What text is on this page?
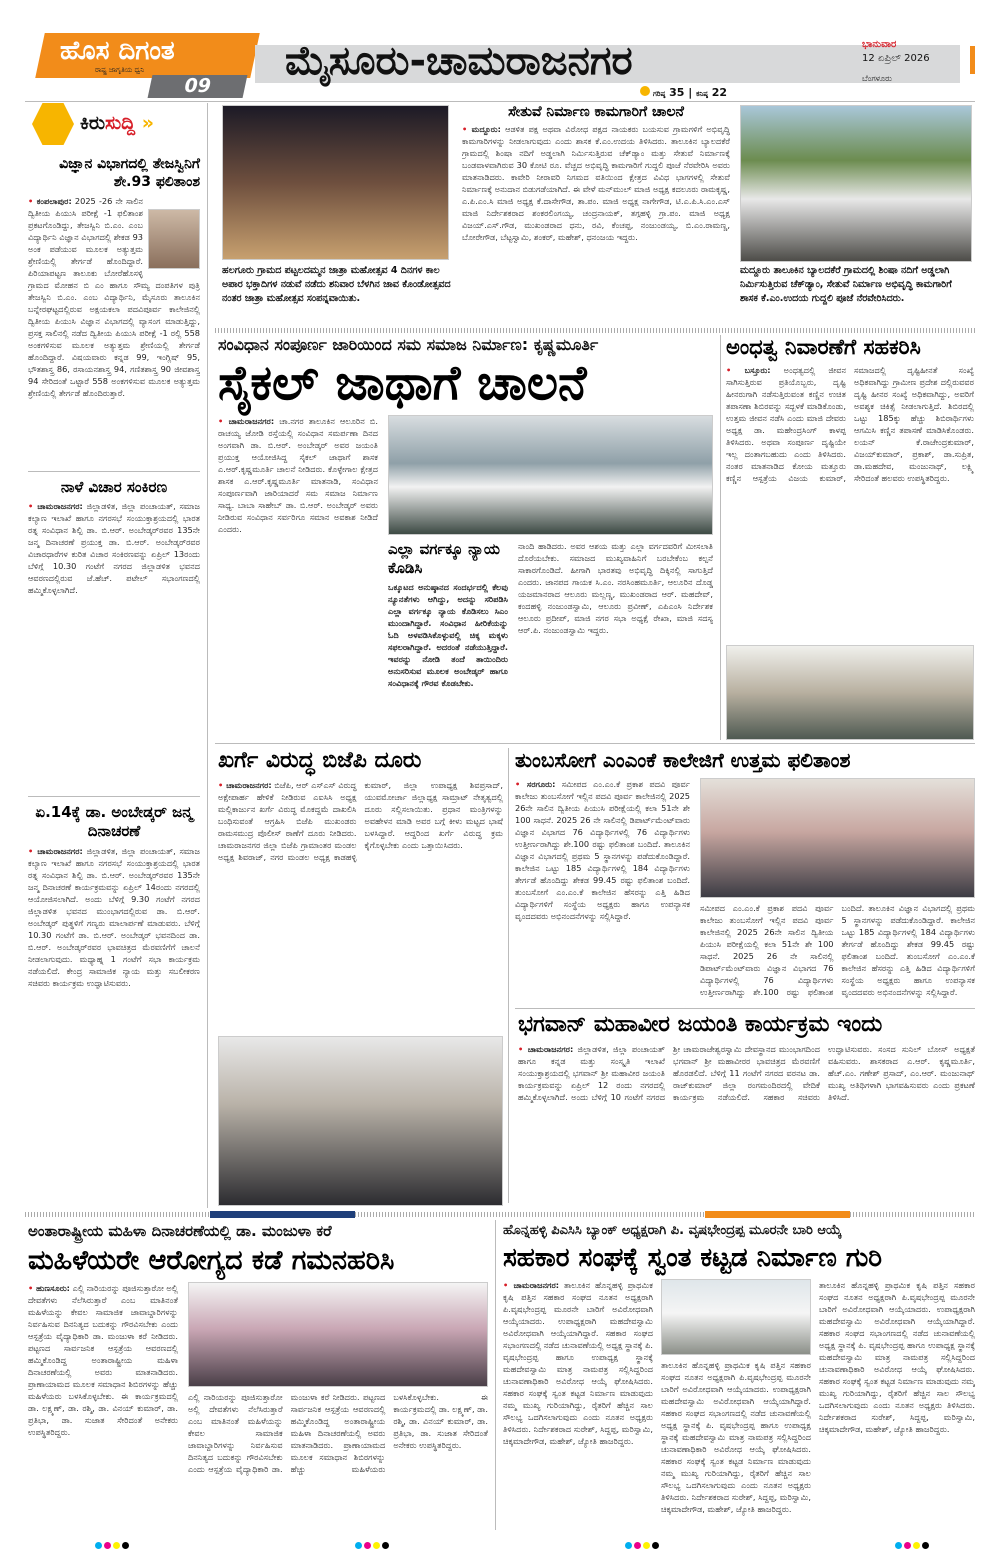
ಹೊಸ ದಿಗಂತ
ರಾಷ್ಟ್ರ ಜಾಗೃತಿಯ ಧ್ವನಿ
09
ಮೈಸೂರು-ಚಾಮರಾಜನಗರ
ಗರಿಷ್ಠ 35 | ಕನಿಷ್ಠ 22
ಭಾನುವಾರ
12 ಏಪ್ರಿಲ್ 2026
ಬೆಂಗಳೂರು
ಕಿರುಸುದ್ದಿ »
ವಿಜ್ಞಾನ ವಿಭಾಗದಲ್ಲಿ ತೇಜಸ್ವಿನಿಗೆ ಶೇ.93 ಫಲಿತಾಂಶ
• ಕಂಪಲಾಪುರ: 2025 -26 ನೇ ಸಾಲಿನ ದ್ವಿತೀಯ ಪಿಯುಸಿ ಪರೀಕ್ಷೆ -1 ಫಲಿತಾಂಶ ಪ್ರಕಟಗೊಂಡಿದ್ದು, ತೇಜಸ್ವಿನಿ ಬಿ.ಎಂ. ಎಂಬ ವಿದ್ಯಾರ್ಥಿನಿ ವಿಜ್ಞಾನ ವಿಭಾಗದಲ್ಲಿ ಶೇಕಡ 93 ಅಂಕ ಪಡೆಯುವ ಮೂಲಕ ಅತ್ಯುತ್ತಮ ಶ್ರೇಣಿಯಲ್ಲಿ ತೇರ್ಗಡೆ ಹೊಂದಿದ್ದಾರೆ. ಪಿರಿಯಾಪಟ್ಟಣ ತಾಲೂಕು ಬೋರೆಹೊಸಳ್ಳಿ ಗ್ರಾಮದ ಮೋಹನ ಬಿ ಎಂ ಹಾಗೂ ಸೌಮ್ಯ ದಂಪತಿಗಳ ಪುತ್ರಿ ತೇಜಸ್ವಿನಿ ಬಿ.ಎಂ. ಎಂಬ ವಿದ್ಯಾರ್ಥಿನಿ, ಮೈಸೂರು ತಾಲೂಕಿನ ಬನ್ನೇರಘಟ್ಟದಲ್ಲಿರುವ ಅಕ್ಷಯಕಲಾ ಪದವಿಪೂರ್ವ ಕಾಲೇಜಿನಲ್ಲಿ ದ್ವಿತೀಯ ಪಿಯುಸಿ ವಿಜ್ಞಾನ ವಿಭಾಗದಲ್ಲಿ ವ್ಯಾಸಂಗ ಮಾಡುತ್ತಿದ್ದು, ಪ್ರಸಕ್ತ ಸಾಲಿನಲ್ಲಿ ನಡೆದ ದ್ವಿತೀಯ ಪಿಯುಸಿ ಪರೀಕ್ಷೆ -1 ರಲ್ಲಿ 558 ಅಂಕಗಳಿಸುವ ಮೂಲಕ ಅತ್ಯುತ್ತಮ ಶ್ರೇಣಿಯಲ್ಲಿ ತೇರ್ಗಡೆ ಹೊಂದಿದ್ದಾರೆ. ವಿಷಯವಾರು ಕನ್ನಡ 99, ಇಂಗ್ಲಿಷ್ 95, ಭೌತಶಾಸ್ತ್ರ 86, ರಸಾಯನಶಾಸ್ತ್ರ 94, ಗಣಿತಶಾಸ್ತ್ರ 90 ಜೀವಶಾಸ್ತ್ರ 94 ಸೇರಿದಂತೆ ಒಟ್ಟಾರೆ 558 ಅಂಕಗಳಿಸುವ ಮೂಲಕ ಅತ್ಯುತ್ತಮ ಶ್ರೇಣಿಯಲ್ಲಿ ತೇರ್ಗಡೆ ಹೊಂದಿರುತ್ತಾರೆ.
ನಾಳೆ ವಿಚಾರ ಸಂಕಿರಣ
• ಚಾಮರಾಜನಗರ: ಜಿಲ್ಲಾಡಳಿತ, ಜಿಲ್ಲಾ ಪಂಚಾಯತ್, ಸಮಾಜ ಕಲ್ಯಾಣ ಇಲಾಖೆ ಹಾಗೂ ನಗರಸಭೆ ಸಂಯುಕ್ತಾಶ್ರಯದಲ್ಲಿ ಭಾರತ ರತ್ನ ಸಂವಿಧಾನ ಶಿಲ್ಪಿ ಡಾ. ಬಿ.ಆರ್. ಅಂಬೇಡ್ಕರ್‌ರವರ 135ನೇ ಜನ್ಮ ದಿನಾಚರಣೆ ಪ್ರಯುಕ್ತ ಡಾ. ಬಿ.ಆರ್. ಅಂಬೇಡ್ಕರ್‌ರವರ ವಿಚಾರಧಾರೆಗಳ ಕುರಿತ ವಿಚಾರ ಸಂಕಿರಣವನ್ನು ಏಪ್ರಿಲ್ 13ರಂದು ಬೆಳಿಗ್ಗೆ 10.30 ಗಂಟೆಗೆ ನಗರದ ಜಿಲ್ಲಾಡಳಿತ ಭವನದ ಆವರಣದಲ್ಲಿರುವ ಜೆ.ಹೆಚ್. ಪಟೇಲ್ ಸಭಾಂಗಣದಲ್ಲಿ ಹಮ್ಮಿಕೊಳ್ಳಲಾಗಿದೆ.
ಏ.14ಕ್ಕೆ ಡಾ. ಅಂಬೇಡ್ಕರ್ ಜನ್ಮ ದಿನಾಚರಣೆ
• ಚಾಮರಾಜನಗರ: ಜಿಲ್ಲಾಡಳಿತ, ಜಿಲ್ಲಾ ಪಂಚಾಯತ್, ಸಮಾಜ ಕಲ್ಯಾಣ ಇಲಾಖೆ ಹಾಗೂ ನಗರಸಭೆ ಸಂಯುಕ್ತಾಶ್ರಯದಲ್ಲಿ ಭಾರತ ರತ್ನ ಸಂವಿಧಾನ ಶಿಲ್ಪಿ ಡಾ. ಬಿ.ಆರ್. ಅಂಬೇಡ್ಕರ್‌ರವರ 135ನೇ ಜನ್ಮ ದಿನಾಚರಣೆ ಕಾರ್ಯಕ್ರಮವನ್ನು ಏಪ್ರಿಲ್ 14ರಂದು ನಗರದಲ್ಲಿ ಆಯೋಜಿಸಲಾಗಿದೆ. ಅಂದು ಬೆಳಿಗ್ಗೆ 9.30 ಗಂಟೆಗೆ ನಗರದ ಜಿಲ್ಲಾಡಳಿತ ಭವನದ ಮುಂಭಾಗದಲ್ಲಿರುವ ಡಾ. ಬಿ.ಆರ್. ಅಂಬೇಡ್ಕರ್ ಪುತ್ಥಳಿಗೆ ಗಣ್ಯರು ಮಾಲಾರ್ಪಣೆ ಮಾಡುವರು. ಬೆಳಿಗ್ಗೆ 10.30 ಗಂಟೆಗೆ ಡಾ. ಬಿ.ಆರ್. ಅಂಬೇಡ್ಕರ್ ಭವನದಿಂದ ಡಾ. ಬಿ.ಆರ್. ಅಂಬೇಡ್ಕರ್‌ರವರ ಭಾವಚಿತ್ರದ ಮೆರವಣಿಗೆಗೆ ಚಾಲನೆ ನೀಡಲಾಗುವುದು. ಮಧ್ಯಾಹ್ನ 1 ಗಂಟೆಗೆ ಸಭಾ ಕಾರ್ಯಕ್ರಮ ನಡೆಯಲಿದೆ. ಕೇಂದ್ರ ಸಾಮಾಜಿಕ ನ್ಯಾಯ ಮತ್ತು ಸಬಲೀಕರಣ ಸಚಿವರು ಕಾರ್ಯಕ್ರಮ ಉದ್ಘಾಟಿಸುವರು.
ಹಲಗೂರು ಗ್ರಾಮದ ಪಟ್ಟಲದಮ್ಮನ ಜಾತ್ರಾ ಮಹೋತ್ಸವ 4 ದಿನಗಳ ಕಾಲ ಅಪಾರ ಭಕ್ತಾದಿಗಳ ನಡುವೆ ನಡೆದು ಶನಿವಾರ ಬೆಳಗಿನ ಜಾವ ಕೊಂಡೋತ್ಸವದ ನಂತರ ಜಾತ್ರಾ ಮಹೋತ್ಸವ ಸಂಪನ್ನವಾಯಿತು.
ಸೇತುವೆ ನಿರ್ಮಾಣ ಕಾಮಗಾರಿಗೆ ಚಾಲನೆ
• ಮದ್ದೂರು: ಆಡಳಿತ ಪಕ್ಷ ಅಥವಾ ವಿರೋಧ ಪಕ್ಷದ ನಾಯಕರು ಬಯಸುವ ಗ್ರಾಮಗಳಿಗೆ ಅಭಿವೃದ್ಧಿ ಕಾಮಗಾರಿಗಳನ್ನು ನೀಡಲಾಗುವುದು ಎಂದು ಶಾಸಕ ಕೆ.ಎಂ.ಉದಯ ತಿಳಿಸಿದರು. ತಾಲೂಕಿನ ಬ್ಯಾಲದಕೆರೆ ಗ್ರಾಮದಲ್ಲಿ ಶಿಂಷಾ ನದಿಗೆ ಅಡ್ಡಲಾಗಿ ನಿರ್ಮಿಸುತ್ತಿರುವ ಚೆಕ್‌ಡ್ಯಾಂ ಮತ್ತು ಸೇತುವೆ ನಿರ್ಮಾಣಕ್ಕೆ ಬಂಡವಾಳವಾಗಿರುವ 30 ಕೋಟಿ ರೂ. ವೆಚ್ಚದ ಅಭಿವೃದ್ಧಿ ಕಾಮಗಾರಿಗೆ ಗುದ್ದಲಿ ಪೂಜೆ ನೆರವೇರಿಸಿ ಅವರು ಮಾತನಾಡಿದರು. ಕಾವೇರಿ ನೀರಾವರಿ ನಿಗಮದ ವತಿಯಿಂದ ಕ್ಷೇತ್ರದ ವಿವಿಧ ಭಾಗಗಳಲ್ಲಿ ಸೇತುವೆ ನಿರ್ಮಾಣಕ್ಕೆ ಅನುದಾನ ಬಿಡುಗಡೆಯಾಗಿದೆ. ಈ ವೇಳೆ ಮನ್‌ಮುಲ್ ಮಾಜಿ ಅಧ್ಯಕ್ಷ ಕದಲೂರು ರಾಮಕೃಷ್ಣ, ಎ.ಪಿ.ಎಂ.ಸಿ ಮಾಜಿ ಅಧ್ಯಕ್ಷ ಕೆ.ದಾಸೇಗೌಡ, ತಾ.ಪಂ. ಮಾಜಿ ಅಧ್ಯಕ್ಷ ನಾಗೇಗೌಡ, ಟಿ.ಎ.ಪಿ.ಸಿ.ಎಂ.ಎಸ್ ಮಾಜಿ ನಿರ್ದೇಶಕರಾದ ಶಂಕರಲಿಂಗಯ್ಯ, ಚಂದ್ರನಾಯಕ್, ತಗ್ಗಹಳ್ಳಿ ಗ್ರಾ.ಪಂ. ಮಾಜಿ ಅಧ್ಯಕ್ಷ ವಿಜಯ್.ಎಸ್.ಗೌಡ, ಮುಖಂಡರಾದ ಧನು, ರವಿ, ಕೆಂಚಪ್ಪ, ನಂಜುಂಡಯ್ಯ, ಬಿ.ಎಂ.ರಾಮಣ್ಣ, ಬೋರೇಗೌಡ, ಬೆಟ್ಟಸ್ವಾಮಿ, ಶಂಕರ್, ಮಹೇಶ್, ಧನಂಜಯ ಇದ್ದರು.
ಮದ್ದೂರು ತಾಲೂಕಿನ ಬ್ಯಾಲದಕೆರೆ ಗ್ರಾಮದಲ್ಲಿ ಶಿಂಷಾ ನದಿಗೆ ಅಡ್ಡಲಾಗಿ ನಿರ್ಮಿಸುತ್ತಿರುವ ಚೆಕ್‌ಡ್ಯಾಂ, ಸೇತುವೆ ನಿರ್ಮಾಣ ಅಭಿವೃದ್ಧಿ ಕಾಮಗಾರಿಗೆ ಶಾಸಕ ಕೆ.ಎಂ.ಉದಯ ಗುದ್ದಲಿ ಪೂಜೆ ನೆರವೇರಿಸಿದರು.
ಸಂವಿಧಾನ ಸಂಪೂರ್ಣ ಜಾರಿಯಿಂದ ಸಮ ಸಮಾಜ ನಿರ್ಮಾಣ: ಕೃಷ್ಣಮೂರ್ತಿ
ಸೈಕಲ್ ಜಾಥಾಗೆ ಚಾಲನೆ
• ಚಾಮರಾಜನಗರ: ಚಾ.ನಗರ ತಾಲೂಕಿನ ಆಲೂರಿನ ಬಿ. ರಾಚಯ್ಯ ಜೋಡಿ ರಸ್ತೆಯಲ್ಲಿ ಸಂವಿಧಾನ ಸಮರ್ಪಣಾ ದಿನದ ಅಂಗವಾಗಿ ಡಾ. ಬಿ.ಆರ್. ಅಂಬೇಡ್ಕರ್ ಅವರ ಜಯಂತಿ ಪ್ರಯುಕ್ತ ಆಯೋಜಿಸಿದ್ದ ಸೈಕಲ್ ಜಾಥಾಗೆ ಶಾಸಕ ಎ.ಆರ್.ಕೃಷ್ಣಮೂರ್ತಿ ಚಾಲನೆ ನೀಡಿದರು. ಕೊಳ್ಳೇಗಾಲ ಕ್ಷೇತ್ರದ ಶಾಸಕ ಎ.ಆರ್.ಕೃಷ್ಣಮೂರ್ತಿ ಮಾತನಾಡಿ, ಸಂವಿಧಾನ ಸಂಪೂರ್ಣವಾಗಿ ಜಾರಿಯಾದರೆ ಸಮ ಸಮಾಜ ನಿರ್ಮಾಣ ಸಾಧ್ಯ. ಬಾಬಾ ಸಾಹೇಬ್ ಡಾ. ಬಿ.ಆರ್. ಅಂಬೇಡ್ಕರ್ ಅವರು ನೀಡಿರುವ ಸಂವಿಧಾನ ಸರ್ವರಿಗೂ ಸಮಾನ ಅವಕಾಶ ನೀಡಿದೆ ಎಂದರು.
ಎಲ್ಲಾ ವರ್ಗಕ್ಕೂ ನ್ಯಾಯ ಕೊಡಿಸಿ
ಒಕ್ಕೂಟದ ಅನುಷ್ಠಾನದ ಸಂದರ್ಭದಲ್ಲಿ ಕೆಲವು ನ್ಯೂನತೆಗಳು ಆಗಿದ್ದು, ಅದನ್ನು ಸರಿಪಡಿಸಿ ಎಲ್ಲಾ ವರ್ಗಕ್ಕೂ ನ್ಯಾಯ ಕೊಡಿಸಲು ಸಿಎಂ ಮುಂದಾಗಿದ್ದಾರೆ. ಸಂವಿಧಾನ ಹೀರಿಕೆಯನ್ನು ಓದಿ ಅಳವಡಿಸಿಕೊಳ್ಳುವಲ್ಲಿ ಚಿಕ್ಕ ಮಕ್ಕಳು ಸಫಲರಾಗಿದ್ದಾರೆ. ಅದರಂತೆ ನಡೆಯುತ್ತಿದ್ದಾರೆ. ಇವರನ್ನು ನೋಡಿ ತಂದೆ ತಾಯಿಂದಿರು ಅನುಸರಿಸುವ ಮೂಲಕ ಅಂಬೇಡ್ಕರ್ ಹಾಗೂ ಸಂವಿಧಾನಕ್ಕೆ ಗೌರವ ಕೊಡಬೇಕು.
ನಾಂದಿ ಹಾಡಿದರು. ಅವರ ಆಶಯ ಮತ್ತು ಎಲ್ಲಾ ವರ್ಗದವರಿಗೆ ಮೀಸಲಾತಿ ದೊರೆಯಬೇಕು. ಸಮಾಜದ ಮುಖ್ಯವಾಹಿನಿಗೆ ಬರಬೇಕೆಂಬ ಕಲ್ಪನೆ ಸಾಕಾರಗೊಂಡಿದೆ. ಹೀಗಾಗಿ ಭಾರತವು ಅಭಿವೃದ್ಧಿ ದಿಕ್ಕಿನಲ್ಲಿ ಸಾಗುತ್ತಿದೆ ಎಂದರು. ಜಾನಪದ ಗಾಯಕ ಸಿ.ಎಂ. ನರಸಿಂಹಮೂರ್ತಿ, ಆಲೂರಿನ ದೊಡ್ಡ ಯಜಮಾನರಾದ ಆಲೂರು ಮಲ್ಲಣ್ಣ, ಮುಖಂಡರಾದ ಆರ್. ಮಹದೇವ್, ಕಂದಹಳ್ಳಿ ನಂಜುಂಡಸ್ವಾಮಿ, ಆಲೂರು ಪ್ರವೀಣ್, ಎಪಿಎಂಸಿ ನಿರ್ದೇಶಕ ಆಲೂರು ಪ್ರದೀಪ್, ಮಾಜಿ ನಗರ ಸಭಾ ಅಧ್ಯಕ್ಷೆ ರೇಖಾ, ಮಾಜಿ ಸದಸ್ಯ ಆರ್.ಪಿ. ನಂಜುಂಡಸ್ವಾಮಿ ಇದ್ದರು.
ಅಂಧತ್ವ ನಿವಾರಣೆಗೆ ಸಹಕರಿಸಿ
• ಬಸ್ತೂರು: ಅಂಧತ್ವದಲ್ಲಿ ಜೀವನ ಸಾಗಿಸುತ್ತಿರುವ ಪ್ರತಿಯೊಬ್ಬರು, ದೃಷ್ಟಿ ಹೀನರುಗಾಗಿ ನಡೆಸುತ್ತಿರುವಂತ ಕಣ್ಣಿನ ಉಚಿತ ತಪಾಸಣಾ ಶಿಬಿರವನ್ನು ಸದ್ಬಳಕೆ ಮಾಡಿಕೊಂಡು, ಉತ್ತಮ ಜೀವನ ನಡೆಸಿ ಎಂದು ಮಾಜಿ ದೇವರು ಅಧ್ಯಕ್ಷ ಡಾ. ಮಹೇಂದ್ರಸಿಂಗ್ ಕಾಳಪ್ಪ ತಿಳಿಸಿದರು. ಅಥವಾ ಸಂಪೂರ್ಣ ದೃಷ್ಟಿಯೇ ಇಲ್ಲ ದಂತಾಗಬಹುದು ಎಂದು ತಿಳಿಸಿದರು. ನಂತರ ಮಾತನಾಡಿದ ಕೋಯ ಮತ್ತೂರು ಕಣ್ಣಿನ ಆಸ್ಪತ್ರೆಯ ವಿಜಯ ಕುಮಾರ್, ಸಮಾಜದಲ್ಲಿ ದೃಷ್ಟಿಹೀನತೆ ಸಂಖ್ಯೆ ಅಧಿಕವಾಗಿದ್ದು ಗ್ರಾಮೀಣ ಪ್ರದೇಶ ದಲ್ಲಿರುವವರ ದೃಷ್ಟಿ ಹೀನರ ಸಂಖ್ಯೆ ಅಧಿಕವಾಗಿದ್ದು, ಅವರಿಗೆ ಅವಶ್ಯಕ ಚಿಕಿತ್ಸೆ ನೀಡಲಾಗುತ್ತಿದೆ. ಶಿಬಿರದಲ್ಲಿ ಒಟ್ಟು 185ಕ್ಕು ಹೆಚ್ಚು ಶಿಬಿರಾರ್ಥಿಗಳು ಆಗಮಿಸಿ ಕಣ್ಣಿನ ತಪಾಸಣೆ ಮಾಡಿಸಿಕೊಂಡರು. ಲಯನ್ ಕೆ.ರಾಜೇಂದ್ರಕುಮಾರ್, ವಿಜಯ್‌ಕುಮಾರ್, ಪ್ರಕಾಶ್, ಡಾ.ಸುಪ್ರಿತ, ಡಾ.ಮಹದೇವ, ಮಂಜುನಾಥ್, ಲಕ್ಷ್ಮಿ ಸೇರಿದಂತೆ ಹಲವರು ಉಪಸ್ಥಿತರಿದ್ದರು.
ಖರ್ಗೆ ವಿರುದ್ಧ ಬಿಜೆಪಿ ದೂರು
• ಚಾಮರಾಜನಗರ: ಬಿಜೆಪಿ, ಆರ್ ಎಸ್‌ಎಸ್ ವಿರುದ್ಧ ಅಕ್ಷೇಪಾರ್ಹ ಹೇಳಿಕೆ ನೀಡಿರುವ ಎಐಸಿಸಿ ಅಧ್ಯಕ್ಷ ಮಲ್ಲಿಕಾರ್ಜುನ ಖರ್ಗೆ ವಿರುದ್ಧ ಮೊಕದ್ದಮೆ ದಾಖಲಿಸಿ ಬಂಧಿಸುವಂತೆ ಆಗ್ರಹಿಸಿ ಬಿಜೆಪಿ ಮುಖಂಡರು ರಾಮಸಮುದ್ರ ಪೊಲೀಸ್ ಠಾಣೆಗೆ ದೂರು ನೀಡಿದರು. ಚಾಮರಾಜನಗರ ಜಿಲ್ಲಾ ಬಿಜೆಪಿ ಗ್ರಾಮಾಂತರ ಮಂಡಲ ಅಧ್ಯಕ್ಷ ಶಿವರಾಜ್, ನಗರ ಮಂಡಲ ಅಧ್ಯಕ್ಷ ಕಾಡಹಳ್ಳಿ ಕುಮಾರ್, ಜಿಲ್ಲಾ ಉಪಾಧ್ಯಕ್ಷ ಶಿವಪ್ರಸಾದ್, ಯುವಮೋರ್ಚಾ ಜಿಲ್ಲಾಧ್ಯಕ್ಷ ಸಾಮ್ರಾಟ್ ನೇತೃತ್ವದಲ್ಲಿ ದೂರು ಸಲ್ಲಿಸಲಾಯಿತು. ಪ್ರಧಾನ ಮಂತ್ರಿಗಳನ್ನು ಅವಹೇಳನ ಮಾಡಿ ಅವರ ಬಗ್ಗೆ ಕೀಳು ಮಟ್ಟದ ಭಾಷೆ ಬಳಸಿದ್ದಾರೆ. ಆದ್ದರಿಂದ ಖರ್ಗೆ ವಿರುದ್ಧ ಕ್ರಮ ಕೈಗೊಳ್ಳಬೇಕು ಎಂದು ಒತ್ತಾಯಿಸಿದರು.
ತುಂಬಸೋಗೆ ಎಂಎಂಕೆ ಕಾಲೇಜಿಗೆ ಉತ್ತಮ ಫಲಿತಾಂಶ
• ಸರಗೂರು: ಸಮೀಪದ ಎಂ.ಎಂ.ಕೆ ಪ್ರಕಾಶ ಪದವಿ ಪೂರ್ವ ಕಾಲೇಜು ತುಂಬಸೋಗೆ ಇಲ್ಲಿನ ಪದವಿ ಪೂರ್ವ ಕಾಲೇಜಿನಲ್ಲಿ 2025 26ನೇ ಸಾಲಿನ ದ್ವಿತೀಯ ಪಿಯುಸಿ ಪರೀಕ್ಷೆಯಲ್ಲಿ ಕಲಾ 51ನೇ ಶೇ 100 ಸಾಧನೆ. 2025 26 ನೇ ಸಾಲಿನಲ್ಲಿ ಡಿಪಾರ್ಟ್‌ಮೆಂಟ್‌ವಾರು ವಿಜ್ಞಾನ ವಿಭಾಗದ 76 ವಿದ್ಯಾರ್ಥಿಗಳಲ್ಲಿ 76 ವಿದ್ಯಾರ್ಥಿಗಳು ಉತ್ತೀರ್ಣರಾಗಿದ್ದು ಶೇ.100 ರಷ್ಟು ಫಲಿತಾಂಶ ಬಂದಿದೆ. ತಾಲೂಕಿನ ವಿಜ್ಞಾನ ವಿಭಾಗದಲ್ಲಿ ಪ್ರಥಮ 5 ಸ್ಥಾನಗಳನ್ನು ಪಡೆದುಕೊಂಡಿದ್ದಾರೆ. ಕಾಲೇಜಿನ ಒಟ್ಟು 185 ವಿದ್ಯಾರ್ಥಿಗಳಲ್ಲಿ 184 ವಿದ್ಯಾರ್ಥಿಗಳು ತೇರ್ಗಡೆ ಹೊಂದಿದ್ದು ಶೇಕಡ 99.45 ರಷ್ಟು ಫಲಿತಾಂಶ ಬಂದಿದೆ. ತುಂಬಸೋಗೆ ಎಂ.ಎಂ.ಕೆ ಕಾಲೇಜಿನ ಹೆಸರನ್ನು ಎತ್ತಿ ಹಿಡಿದ ವಿದ್ಯಾರ್ಥಿಗಳಿಗೆ ಸಂಸ್ಥೆಯ ಅಧ್ಯಕ್ಷರು ಹಾಗೂ ಉಪನ್ಯಾಸಕ ವೃಂದದವರು ಅಭಿನಂದನೆಗಳನ್ನು ಸಲ್ಲಿಸಿದ್ದಾರೆ.
ಸಮೀಪದ ಎಂ.ಎಂ.ಕೆ ಪ್ರಕಾಶ ಪದವಿ ಪೂರ್ವ ಕಾಲೇಜು ತುಂಬಸೋಗೆ ಇಲ್ಲಿನ ಪದವಿ ಪೂರ್ವ ಕಾಲೇಜಿನಲ್ಲಿ 2025 26ನೇ ಸಾಲಿನ ದ್ವಿತೀಯ ಪಿಯುಸಿ ಪರೀಕ್ಷೆಯಲ್ಲಿ ಕಲಾ 51ನೇ ಶೇ 100 ಸಾಧನೆ. 2025 26 ನೇ ಸಾಲಿನಲ್ಲಿ ಡಿಪಾರ್ಟ್‌ಮೆಂಟ್‌ವಾರು ವಿಜ್ಞಾನ ವಿಭಾಗದ 76 ವಿದ್ಯಾರ್ಥಿಗಳಲ್ಲಿ 76 ವಿದ್ಯಾರ್ಥಿಗಳು ಉತ್ತೀರ್ಣರಾಗಿದ್ದು ಶೇ.100 ರಷ್ಟು ಫಲಿತಾಂಶ ಬಂದಿದೆ. ತಾಲೂಕಿನ ವಿಜ್ಞಾನ ವಿಭಾಗದಲ್ಲಿ ಪ್ರಥಮ 5 ಸ್ಥಾನಗಳನ್ನು ಪಡೆದುಕೊಂಡಿದ್ದಾರೆ. ಕಾಲೇಜಿನ ಒಟ್ಟು 185 ವಿದ್ಯಾರ್ಥಿಗಳಲ್ಲಿ 184 ವಿದ್ಯಾರ್ಥಿಗಳು ತೇರ್ಗಡೆ ಹೊಂದಿದ್ದು ಶೇಕಡ 99.45 ರಷ್ಟು ಫಲಿತಾಂಶ ಬಂದಿದೆ. ತುಂಬಸೋಗೆ ಎಂ.ಎಂ.ಕೆ ಕಾಲೇಜಿನ ಹೆಸರನ್ನು ಎತ್ತಿ ಹಿಡಿದ ವಿದ್ಯಾರ್ಥಿಗಳಿಗೆ ಸಂಸ್ಥೆಯ ಅಧ್ಯಕ್ಷರು ಹಾಗೂ ಉಪನ್ಯಾಸಕ ವೃಂದದವರು ಅಭಿನಂದನೆಗಳನ್ನು ಸಲ್ಲಿಸಿದ್ದಾರೆ.
ಭಗವಾನ್ ಮಹಾವೀರ ಜಯಂತಿ ಕಾರ್ಯಕ್ರಮ ಇಂದು
• ಚಾಮರಾಜನಗರ: ಜಿಲ್ಲಾಡಳಿತ, ಜಿಲ್ಲಾ ಪಂಚಾಯತ್ ಹಾಗೂ ಕನ್ನಡ ಮತ್ತು ಸಂಸ್ಕೃತಿ ಇಲಾಖೆ ಸಂಯುಕ್ತಾಶ್ರಯದಲ್ಲಿ ಭಗವಾನ್ ಶ್ರೀ ಮಹಾವೀರ ಜಯಂತಿ ಕಾರ್ಯಕ್ರಮವನ್ನು ಏಪ್ರಿಲ್ 12 ರಂದು ನಗರದಲ್ಲಿ ಹಮ್ಮಿಕೊಳ್ಳಲಾಗಿದೆ. ಅಂದು ಬೆಳಿಗ್ಗೆ 10 ಗಂಟೆಗೆ ನಗರದ ಶ್ರೀ ಚಾಮರಾಜೇಶ್ವರಸ್ವಾಮಿ ದೇವಸ್ಥಾನದ ಮುಂಭಾಗದಿಂದ ಭಗವಾನ್ ಶ್ರೀ ಮಹಾವೀರರ ಭಾವಚಿತ್ರದ ಮೆರವಣಿಗೆ ಹೊರಡಲಿದೆ. ಬೆಳಿಗ್ಗೆ 11 ಗಂಟೆಗೆ ನಗರದ ವರನಟ ಡಾ. ರಾಜ್‌ಕುಮಾರ್ ಜಿಲ್ಲಾ ರಂಗಮಂದಿರದಲ್ಲಿ ವೇದಿಕೆ ಕಾರ್ಯಕ್ರಮ ನಡೆಯಲಿದೆ. ಸಹಕಾರ ಸಚಿವರು ಉದ್ಘಾಟಿಸುವರು. ಸಂಸದ ಸುನಿಲ್ ಬೋಸ್ ಅಧ್ಯಕ್ಷತೆ ವಹಿಸುವರು. ಶಾಸಕರಾದ ಎ.ಆರ್. ಕೃಷ್ಣಮೂರ್ತಿ, ಹೆಚ್.ಎಂ. ಗಣೇಶ್ ಪ್ರಸಾದ್, ಎಂ.ಆರ್. ಮಂಜುನಾಥ್ ಮುಖ್ಯ ಅತಿಥಿಗಳಾಗಿ ಭಾಗವಹಿಸುವರು ಎಂದು ಪ್ರಕಟಣೆ ತಿಳಿಸಿದೆ.
ಅಂತಾರಾಷ್ಟ್ರೀಯ ಮಹಿಳಾ ದಿನಾಚರಣೆಯಲ್ಲಿ ಡಾ. ಮಂಜುಳಾ ಕರೆ
ಮಹಿಳೆಯರೇ ಆರೋಗ್ಯದ ಕಡೆ ಗಮನಹರಿಸಿ
• ಹುಣಸೂರು: ಎಲ್ಲಿ ನಾರಿಯರನ್ನು ಪೂಜಿಸುತ್ತಾರೋ ಅಲ್ಲಿ ದೇವತೆಗಳು ನೆಲೆಸಿರುತ್ತಾರೆ ಎಂಬ ಮಾತಿನಂತೆ ಮಹಿಳೆಯನ್ನು ಕೇವಲ ಸಾಮಾಜಿಕ ಜಾವಾಬ್ದಾರಿಗಳನ್ನು ನಿರ್ವಹಿಸುವ ದಿನನಿತ್ಯದ ಬದುಕನ್ನು ಗೌರವಿಸಬೇಕು ಎಂದು ಆಸ್ಪತ್ರೆಯ ವೈದ್ಯಾಧಿಕಾರಿ ಡಾ. ಮಂಜುಳಾ ಕರೆ ನೀಡಿದರು. ಪಟ್ಟಣದ ಸಾರ್ವಜನಿಕ ಆಸ್ಪತ್ರೆಯ ಆವರಣದಲ್ಲಿ ಹಮ್ಮಿಕೊಂಡಿದ್ದ ಅಂತಾರಾಷ್ಟ್ರೀಯ ಮಹಿಳಾ ದಿನಾಚರಣೆಯಲ್ಲಿ ಅವರು ಮಾತನಾಡಿದರು. ಪ್ರಾಣಾಯಾಮದ ಮೂಲಕ ಸಮಾಧಾನ ಶಿಬಿರಗಳನ್ನು ಹೆಚ್ಚು ಮಹಿಳೆಯರು ಬಳಸಿಕೊಳ್ಳಬೇಕು. ಈ ಕಾರ್ಯಕ್ರಮದಲ್ಲಿ ಡಾ. ಲಕ್ಷ್ಮಣ್, ಡಾ. ರಶ್ಮಿ, ಡಾ. ವಿನಯ್ ಕುಮಾರ್, ಡಾ. ಪ್ರತಿಭಾ, ಡಾ. ಸುಜಾತ ಸೇರಿದಂತೆ ಅನೇಕರು ಉಪಸ್ಥಿತರಿದ್ದರು.
ಎಲ್ಲಿ ನಾರಿಯರನ್ನು ಪೂಜಿಸುತ್ತಾರೋ ಅಲ್ಲಿ ದೇವತೆಗಳು ನೆಲೆಸಿರುತ್ತಾರೆ ಎಂಬ ಮಾತಿನಂತೆ ಮಹಿಳೆಯನ್ನು ಕೇವಲ ಸಾಮಾಜಿಕ ಜಾವಾಬ್ದಾರಿಗಳನ್ನು ನಿರ್ವಹಿಸುವ ದಿನನಿತ್ಯದ ಬದುಕನ್ನು ಗೌರವಿಸಬೇಕು ಎಂದು ಆಸ್ಪತ್ರೆಯ ವೈದ್ಯಾಧಿಕಾರಿ ಡಾ. ಮಂಜುಳಾ ಕರೆ ನೀಡಿದರು. ಪಟ್ಟಣದ ಸಾರ್ವಜನಿಕ ಆಸ್ಪತ್ರೆಯ ಆವರಣದಲ್ಲಿ ಹಮ್ಮಿಕೊಂಡಿದ್ದ ಅಂತಾರಾಷ್ಟ್ರೀಯ ಮಹಿಳಾ ದಿನಾಚರಣೆಯಲ್ಲಿ ಅವರು ಮಾತನಾಡಿದರು. ಪ್ರಾಣಾಯಾಮದ ಮೂಲಕ ಸಮಾಧಾನ ಶಿಬಿರಗಳನ್ನು ಹೆಚ್ಚು ಮಹಿಳೆಯರು ಬಳಸಿಕೊಳ್ಳಬೇಕು. ಈ ಕಾರ್ಯಕ್ರಮದಲ್ಲಿ ಡಾ. ಲಕ್ಷ್ಮಣ್, ಡಾ. ರಶ್ಮಿ, ಡಾ. ವಿನಯ್ ಕುಮಾರ್, ಡಾ. ಪ್ರತಿಭಾ, ಡಾ. ಸುಜಾತ ಸೇರಿದಂತೆ ಅನೇಕರು ಉಪಸ್ಥಿತರಿದ್ದರು.
ಹೊನ್ನಹಳ್ಳಿ ಪಿಎಸಿಸಿ ಬ್ಯಾಂಕ್ ಅಧ್ಯಕ್ಷರಾಗಿ ಪಿ. ವೃಷಭೇಂದ್ರಪ್ಪ ಮೂರನೇ ಬಾರಿ ಆಯ್ಕೆ
ಸಹಕಾರ ಸಂಘಕ್ಕೆ ಸ್ವಂತ ಕಟ್ಟಡ ನಿರ್ಮಾಣ ಗುರಿ
• ಚಾಮರಾಜನಗರ: ತಾಲೂಕಿನ ಹೊನ್ನಹಳ್ಳಿ ಪ್ರಾಥಮಿಕ ಕೃಷಿ ಪತ್ತಿನ ಸಹಕಾರ ಸಂಘದ ನೂತನ ಅಧ್ಯಕ್ಷರಾಗಿ ಪಿ.ವೃಷಭೇಂದ್ರಪ್ಪ ಮೂರನೇ ಬಾರಿಗೆ ಅವಿರೋಧವಾಗಿ ಆಯ್ಕೆಯಾದರು. ಉಪಾಧ್ಯಕ್ಷರಾಗಿ ಮಹದೇವಸ್ವಾಮಿ ಅವಿರೋಧವಾಗಿ ಆಯ್ಕೆಯಾಗಿದ್ದಾರೆ. ಸಹಕಾರ ಸಂಘದ ಸಭಾಂಗಣದಲ್ಲಿ ನಡೆದ ಚುನಾವಣೆಯಲ್ಲಿ ಅಧ್ಯಕ್ಷ ಸ್ಥಾನಕ್ಕೆ ಪಿ. ವೃಷಭೇಂದ್ರಪ್ಪ ಹಾಗೂ ಉಪಾಧ್ಯಕ್ಷ ಸ್ಥಾನಕ್ಕೆ ಮಹದೇವಸ್ವಾಮಿ ಮಾತ್ರ ನಾಮಪತ್ರ ಸಲ್ಲಿಸಿದ್ದರಿಂದ ಚುನಾವಣಾಧಿಕಾರಿ ಅವಿರೋಧ ಆಯ್ಕೆ ಘೋಷಿಸಿದರು. ಸಹಕಾರ ಸಂಘಕ್ಕೆ ಸ್ವಂತ ಕಟ್ಟಡ ನಿರ್ಮಾಣ ಮಾಡುವುದು ನಮ್ಮ ಮುಖ್ಯ ಗುರಿಯಾಗಿದ್ದು, ರೈತರಿಗೆ ಹೆಚ್ಚಿನ ಸಾಲ ಸೌಲಭ್ಯ ಒದಗಿಸಲಾಗುವುದು ಎಂದು ನೂತನ ಅಧ್ಯಕ್ಷರು ತಿಳಿಸಿದರು. ನಿರ್ದೇಶಕರಾದ ಸುರೇಶ್, ಸಿದ್ದಪ್ಪ, ಮರಿಸ್ವಾಮಿ, ಚಿಕ್ಕಮಾದೇಗೌಡ, ಮಹೇಶ್, ಜ್ಯೋತಿ ಹಾಜರಿದ್ದರು.
ತಾಲೂಕಿನ ಹೊನ್ನಹಳ್ಳಿ ಪ್ರಾಥಮಿಕ ಕೃಷಿ ಪತ್ತಿನ ಸಹಕಾರ ಸಂಘದ ನೂತನ ಅಧ್ಯಕ್ಷರಾಗಿ ಪಿ.ವೃಷಭೇಂದ್ರಪ್ಪ ಮೂರನೇ ಬಾರಿಗೆ ಅವಿರೋಧವಾಗಿ ಆಯ್ಕೆಯಾದರು. ಉಪಾಧ್ಯಕ್ಷರಾಗಿ ಮಹದೇವಸ್ವಾಮಿ ಅವಿರೋಧವಾಗಿ ಆಯ್ಕೆಯಾಗಿದ್ದಾರೆ. ಸಹಕಾರ ಸಂಘದ ಸಭಾಂಗಣದಲ್ಲಿ ನಡೆದ ಚುನಾವಣೆಯಲ್ಲಿ ಅಧ್ಯಕ್ಷ ಸ್ಥಾನಕ್ಕೆ ಪಿ. ವೃಷಭೇಂದ್ರಪ್ಪ ಹಾಗೂ ಉಪಾಧ್ಯಕ್ಷ ಸ್ಥಾನಕ್ಕೆ ಮಹದೇವಸ್ವಾಮಿ ಮಾತ್ರ ನಾಮಪತ್ರ ಸಲ್ಲಿಸಿದ್ದರಿಂದ ಚುನಾವಣಾಧಿಕಾರಿ ಅವಿರೋಧ ಆಯ್ಕೆ ಘೋಷಿಸಿದರು. ಸಹಕಾರ ಸಂಘಕ್ಕೆ ಸ್ವಂತ ಕಟ್ಟಡ ನಿರ್ಮಾಣ ಮಾಡುವುದು ನಮ್ಮ ಮುಖ್ಯ ಗುರಿಯಾಗಿದ್ದು, ರೈತರಿಗೆ ಹೆಚ್ಚಿನ ಸಾಲ ಸೌಲಭ್ಯ ಒದಗಿಸಲಾಗುವುದು ಎಂದು ನೂತನ ಅಧ್ಯಕ್ಷರು ತಿಳಿಸಿದರು. ನಿರ್ದೇಶಕರಾದ ಸುರೇಶ್, ಸಿದ್ದಪ್ಪ, ಮರಿಸ್ವಾಮಿ, ಚಿಕ್ಕಮಾದೇಗೌಡ, ಮಹೇಶ್, ಜ್ಯೋತಿ ಹಾಜರಿದ್ದರು.
ತಾಲೂಕಿನ ಹೊನ್ನಹಳ್ಳಿ ಪ್ರಾಥಮಿಕ ಕೃಷಿ ಪತ್ತಿನ ಸಹಕಾರ ಸಂಘದ ನೂತನ ಅಧ್ಯಕ್ಷರಾಗಿ ಪಿ.ವೃಷಭೇಂದ್ರಪ್ಪ ಮೂರನೇ ಬಾರಿಗೆ ಅವಿರೋಧವಾಗಿ ಆಯ್ಕೆಯಾದರು. ಉಪಾಧ್ಯಕ್ಷರಾಗಿ ಮಹದೇವಸ್ವಾಮಿ ಅವಿರೋಧವಾಗಿ ಆಯ್ಕೆಯಾಗಿದ್ದಾರೆ. ಸಹಕಾರ ಸಂಘದ ಸಭಾಂಗಣದಲ್ಲಿ ನಡೆದ ಚುನಾವಣೆಯಲ್ಲಿ ಅಧ್ಯಕ್ಷ ಸ್ಥಾನಕ್ಕೆ ಪಿ. ವೃಷಭೇಂದ್ರಪ್ಪ ಹಾಗೂ ಉಪಾಧ್ಯಕ್ಷ ಸ್ಥಾನಕ್ಕೆ ಮಹದೇವಸ್ವಾಮಿ ಮಾತ್ರ ನಾಮಪತ್ರ ಸಲ್ಲಿಸಿದ್ದರಿಂದ ಚುನಾವಣಾಧಿಕಾರಿ ಅವಿರೋಧ ಆಯ್ಕೆ ಘೋಷಿಸಿದರು. ಸಹಕಾರ ಸಂಘಕ್ಕೆ ಸ್ವಂತ ಕಟ್ಟಡ ನಿರ್ಮಾಣ ಮಾಡುವುದು ನಮ್ಮ ಮುಖ್ಯ ಗುರಿಯಾಗಿದ್ದು, ರೈತರಿಗೆ ಹೆಚ್ಚಿನ ಸಾಲ ಸೌಲಭ್ಯ ಒದಗಿಸಲಾಗುವುದು ಎಂದು ನೂತನ ಅಧ್ಯಕ್ಷರು ತಿಳಿಸಿದರು. ನಿರ್ದೇಶಕರಾದ ಸುರೇಶ್, ಸಿದ್ದಪ್ಪ, ಮರಿಸ್ವಾಮಿ, ಚಿಕ್ಕಮಾದೇಗೌಡ, ಮಹೇಶ್, ಜ್ಯೋತಿ ಹಾಜರಿದ್ದರು.
